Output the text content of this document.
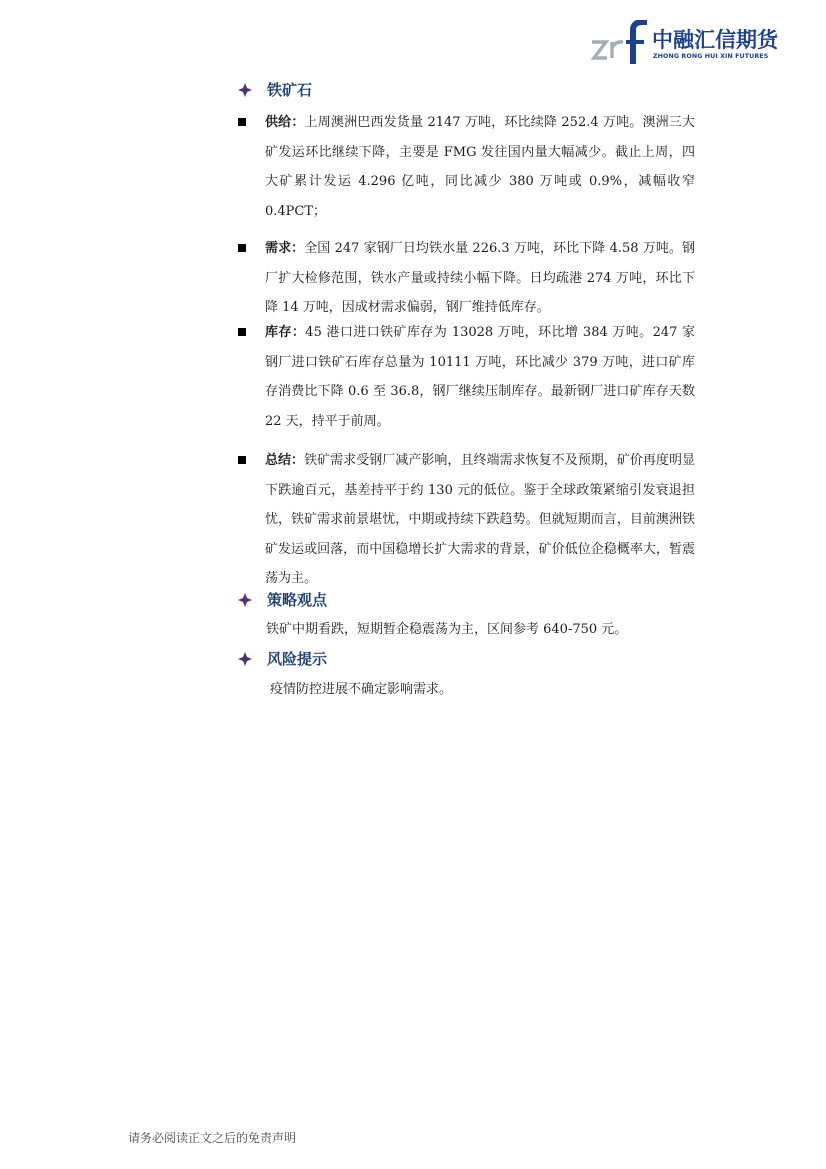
中融汇信期货
ZHONG RONG HUI XIN FUTURES
铁矿石
供给：上周澳洲巴西发货量 2147 万吨，环比续降 252.4 万吨。澳洲三大矿发运环比继续下降，主要是 FMG 发往国内量大幅减少。截止上周，四大矿累计发运 4.296 亿吨，同比减少 380 万吨或 0.9%，减幅收窄 0.4PCT；
需求：全国 247 家钢厂日均铁水量 226.3 万吨，环比下降 4.58 万吨。钢厂扩大检修范围，铁水产量或持续小幅下降。日均疏港 274 万吨，环比下降 14 万吨，因成材需求偏弱，钢厂维持低库存。
库存：45 港口进口铁矿库存为 13028 万吨，环比增 384 万吨。247 家钢厂进口铁矿石库存总量为 10111 万吨，环比减少 379 万吨，进口矿库存消费比下降 0.6 至 36.8，钢厂继续压制库存。最新钢厂进口矿库存天数 22 天，持平于前周。
总结：铁矿需求受钢厂减产影响，且终端需求恢复不及预期，矿价再度明显下跌逾百元，基差持平于约 130 元的低位。鉴于全球政策紧缩引发衰退担忧，铁矿需求前景堪忧，中期或持续下跌趋势。但就短期而言，目前澳洲铁矿发运或回落，而中国稳增长扩大需求的背景，矿价低位企稳概率大，暂震荡为主。
策略观点
铁矿中期看跌，短期暂企稳震荡为主，区间参考 640-750 元。
风险提示
疫情防控进展不确定影响需求。
请务必阅读正文之后的免责声明
